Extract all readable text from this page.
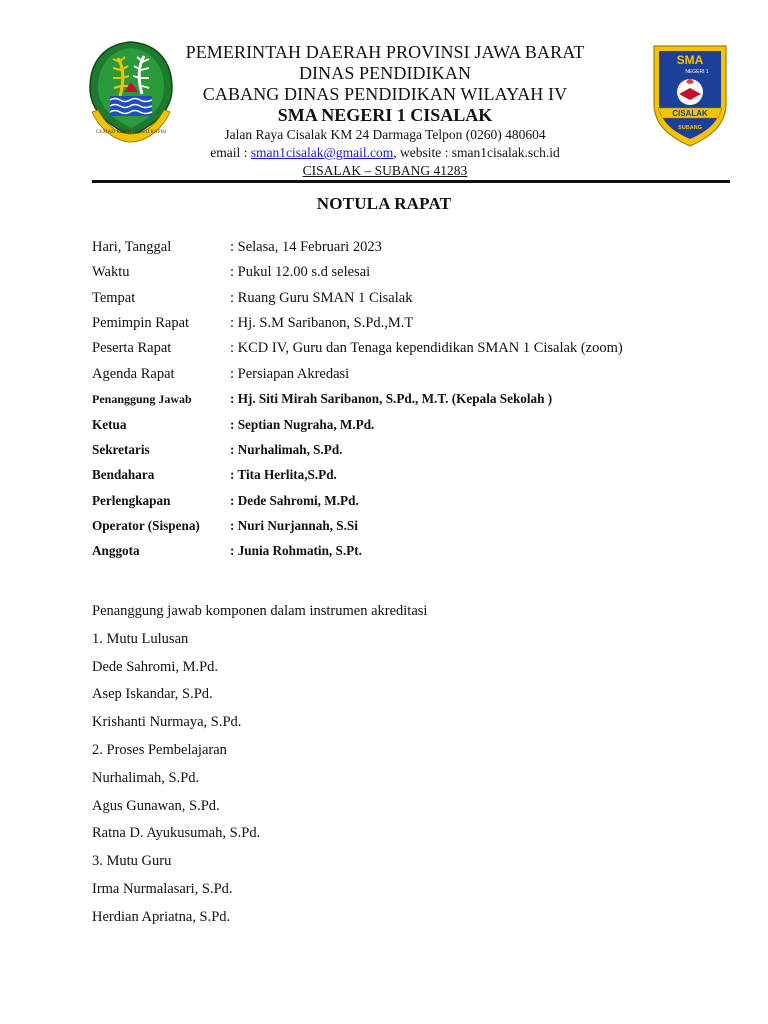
GEMAH RIPAH REPEH RAPIH
PEMERINTAH DAERAH PROVINSI JAWA BARAT
DINAS PENDIDIKAN
CABANG DINAS PENDIDIKAN WILAYAH IV
SMA NEGERI 1 CISALAK
Jalan Raya Cisalak KM 24 Darmaga Telpon (0260) 480604
email : sman1cisalak@gmail.com, website : sman1cisalak.sch.id
CISALAK – SUBANG 41283
SMA
NEGERI 1
CISALAK
SUBANG
NOTULA RAPAT
Hari, Tanggal	: Selasa, 14 Februari 2023
Waktu	: Pukul 12.00 s.d selesai
Tempat	: Ruang Guru SMAN 1 Cisalak
Pemimpin Rapat	: Hj. S.M Saribanon, S.Pd.,M.T
Peserta Rapat	: KCD IV, Guru dan Tenaga kependidikan SMAN 1 Cisalak (zoom)
Agenda Rapat	: Persiapan Akredasi
Penanggung Jawab	: Hj. Siti Mirah Saribanon, S.Pd., M.T. (Kepala Sekolah )
Ketua	: Septian Nugraha, M.Pd.
Sekretaris	: Nurhalimah, S.Pd.
Bendahara	: Tita Herlita,S.Pd.
Perlengkapan	: Dede Sahromi, M.Pd.
Operator (Sispena)	: Nuri Nurjannah, S.Si
Anggota	: Junia Rohmatin, S.Pt.
Penanggung jawab komponen dalam instrumen akreditasi
1. Mutu Lulusan
Dede Sahromi, M.Pd.
Asep Iskandar, S.Pd.
Krishanti Nurmaya, S.Pd.
2. Proses Pembelajaran
Nurhalimah, S.Pd.
Agus Gunawan, S.Pd.
Ratna D. Ayukusumah, S.Pd.
3. Mutu Guru
Irma Nurmalasari, S.Pd.
Herdian Apriatna, S.Pd.
